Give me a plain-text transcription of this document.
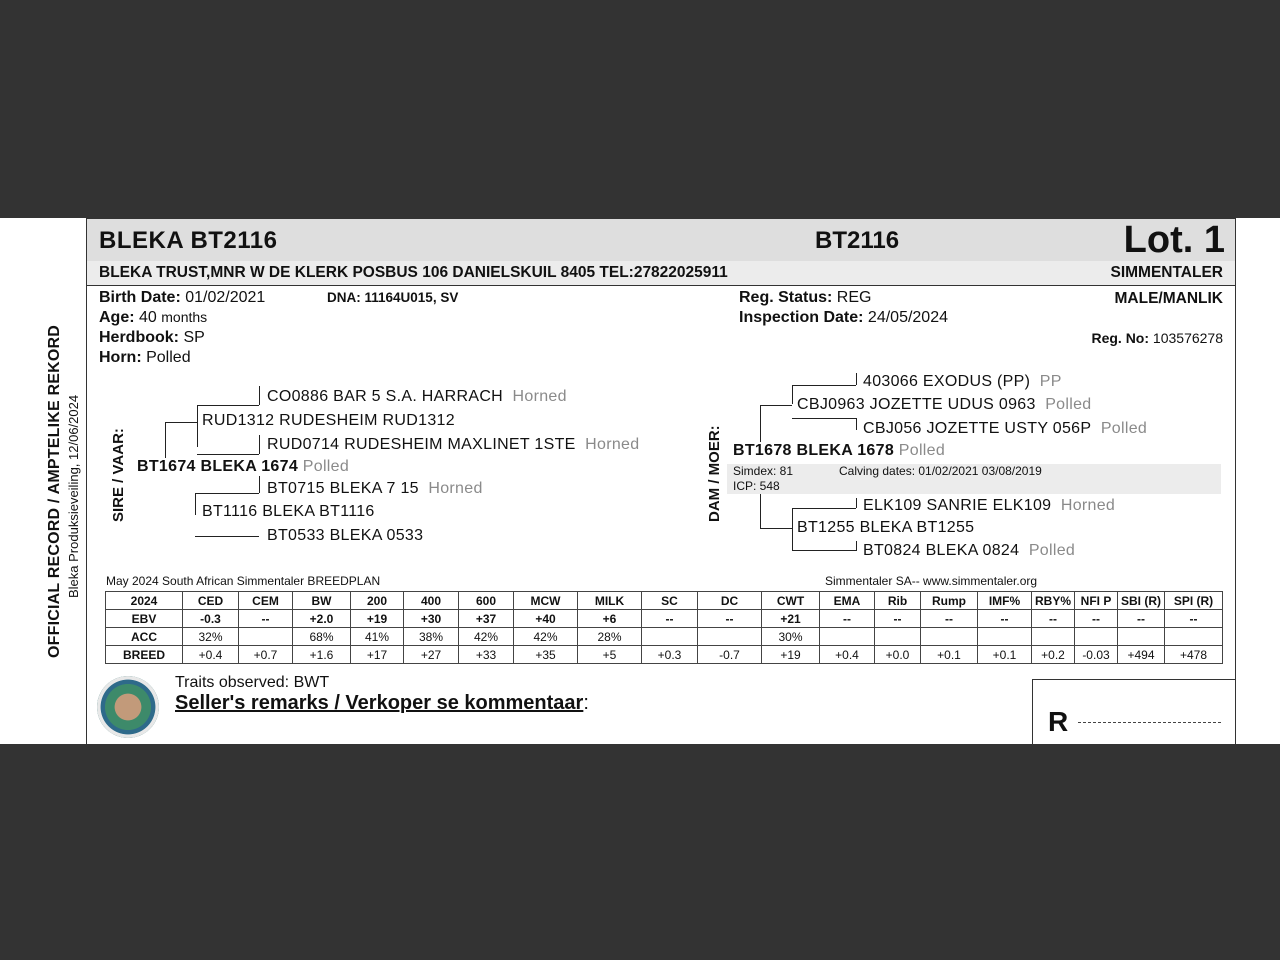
OFFICIAL RECORD / AMPTELIKE REKORD Bleka Produksieveiling, 12/06/2024
BLEKA BT2116	BT2116	Lot. 1
BLEKA TRUST,MNR W DE KLERK POSBUS 106 DANIELSKUIL 8405 TEL:27822025911	SIMMENTALER
Birth Date: 01/02/2021	DNA: 11164U015, SV
Age: 40 months
Herdbook: SP
Horn: Polled
Reg. Status: REG
Inspection Date: 24/05/2024
MALE/MANLIK
Reg. No: 103576278
SIRE / VAAR:
CO0886 BAR 5 S.A. HARRACH Horned
RUD1312 RUDESHEIM RUD1312
RUD0714 RUDESHEIM MAXLINET 1STE Horned
BT1674 BLEKA 1674 Polled
BT0715 BLEKA 7 15 Horned
BT1116 BLEKA BT1116
BT0533 BLEKA 0533
DAM / MOER:
403066 EXODUS (PP) PP
CBJ0963 JOZETTE UDUS 0963 Polled
CBJ056 JOZETTE USTY 056P Polled
BT1678 BLEKA 1678 Polled
Simdex: 81
ICP: 548
Calving dates: 01/02/2021 03/08/2019
ELK109 SANRIE ELK109 Horned
BT1255 BLEKA BT1255
BT0824 BLEKA 0824 Polled
May 2024 South African Simmentaler BREEDPLAN	Simmentaler SA-- www.simmentaler.org
2024	CED	CEM	BW	200	400	600	MCW	MILK	SC	DC	CWT	EMA	Rib	Rump	IMF%	RBY%	NFI P	SBI (R)	SPI (R)
EBV	-0.3	--	+2.0	+19	+30	+37	+40	+6	--	--	+21	--	--	--	--	--	--	--	--
ACC	32%		68%	41%	38%	42%	42%	28%			30%								
BREED	+0.4	+0.7	+1.6	+17	+27	+33	+35	+5	+0.3	-0.7	+19	+0.4	+0.0	+0.1	+0.1	+0.2	-0.03	+494	+478
Traits observed: BWT
Seller's remarks / Verkoper se kommentaar:
R
